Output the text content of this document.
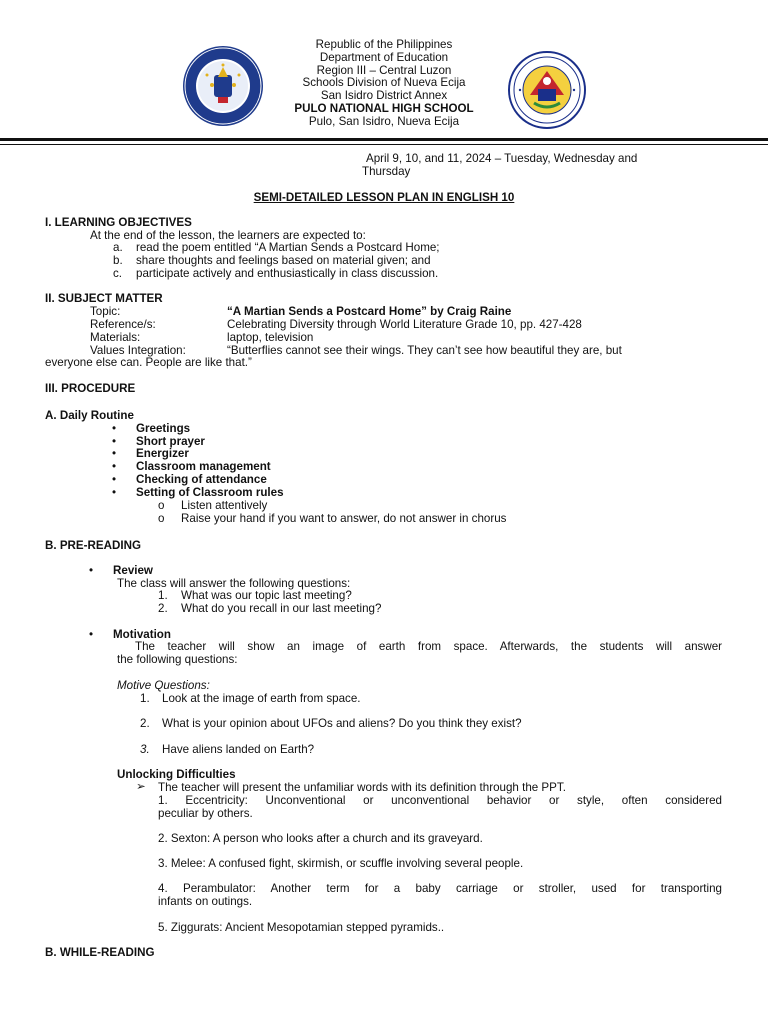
Republic of the Philippines
Department of Education
Region III – Central Luzon
Schools Division of Nueva Ecija
San Isidro District Annex
PULO NATIONAL HIGH SCHOOL
Pulo, San Isidro, Nueva Ecija
April 9, 10, and 11, 2024 – Tuesday, Wednesday and
Thursday
SEMI-DETAILED LESSON PLAN IN ENGLISH 10
I. LEARNING OBJECTIVES
At the end of the lesson, the learners are expected to:
a. read the poem entitled “A Martian Sends a Postcard Home;
b. share thoughts and feelings based on material given; and
c. participate actively and enthusiastically in class discussion.
II. SUBJECT MATTER
Topic:	“A Martian Sends a Postcard Home” by Craig Raine
Reference/s:	Celebrating Diversity through World Literature Grade 10, pp. 427-428
Materials:	laptop, television
Values Integration:	“Butterflies cannot see their wings. They can’t see how beautiful they are, but
everyone else can. People are like that.”
III. PROCEDURE
A. Daily Routine
• Greetings
• Short prayer
• Energizer
• Classroom management
• Checking of attendance
• Setting of Classroom rules
o Listen attentively
o Raise your hand if you want to answer, do not answer in chorus
B. PRE-READING
• Review
The class will answer the following questions:
1. What was our topic last meeting?
2. What do you recall in our last meeting?
• Motivation
The teacher will show an image of earth from space. Afterwards, the students will answer
the following questions:
Motive Questions:
1. Look at the image of earth from space.
2. What is your opinion about UFOs and aliens? Do you think they exist?
3. Have aliens landed on Earth?
Unlocking Difficulties
➢ The teacher will present the unfamiliar words with its definition through the PPT.
1. Eccentricity: Unconventional or unconventional behavior or style, often considered
peculiar by others.
2. Sexton: A person who looks after a church and its graveyard.
3. Melee: A confused fight, skirmish, or scuffle involving several people.
4. Perambulator: Another term for a baby carriage or stroller, used for transporting
infants on outings.
5. Ziggurats: Ancient Mesopotamian stepped pyramids..
B. WHILE-READING
